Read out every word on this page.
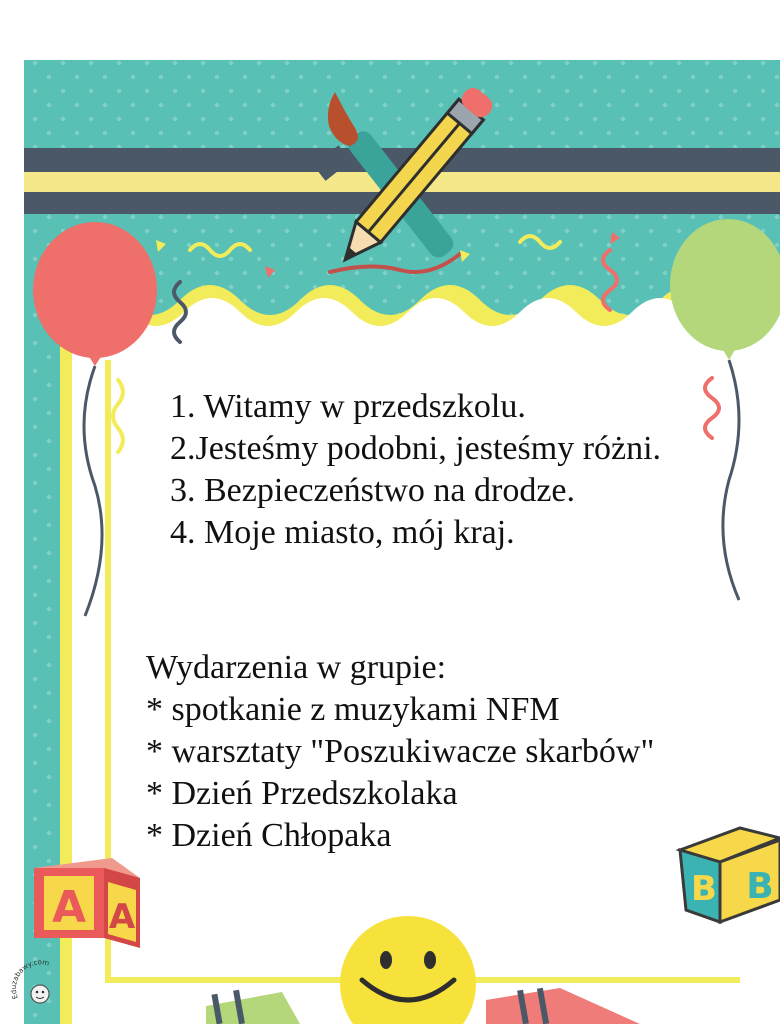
A A
B B
1. Witamy w przedszkolu.
2.Jesteśmy podobni, jesteśmy różni.
3. Bezpieczeństwo na drodze.
4. Moje miasto, mój kraj.
Wydarzenia w grupie:
* spotkanie z muzykami NFM
* warsztaty "Poszukiwacze skarbów"
* Dzień Przedszkolaka
* Dzień Chłopaka
Eduzabawy.com
